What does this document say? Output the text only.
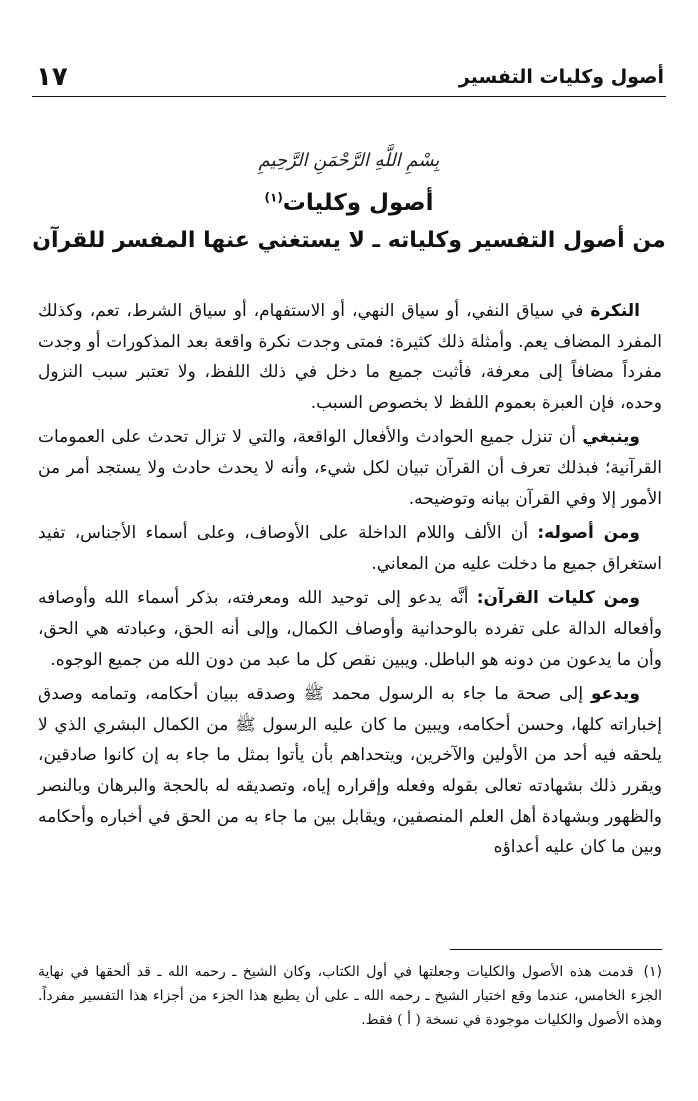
أصول وكليات التفسير
١٧
بِسْمِ اللَّهِ الرَّحْمَنِ الرَّحِيمِ
أصول وكليات$^{(١)}$
من أصول التفسير وكلياته ـ لا يستغني عنها المفسر للقرآن

النكرة في سياق النفي، أو سياق النهي، أو الاستفهام، أو سياق الشرط، تعم، وكذلك المفرد المضاف يعم. وأمثلة ذلك كثيرة: فمتى وجدت نكرة واقعة بعد المذكورات أو وجدت مفرداً مضافاً إلى معرفة، فأثبت جميع ما دخل في ذلك اللفظ، ولا تعتبر سبب النزول وحده، فإن العبرة بعموم اللفظ لا بخصوص السبب.

وينبغي أن تنزل جميع الحوادث والأفعال الواقعة، والتي لا تزال تحدث على العمومات القرآنية؛ فبذلك تعرف أن القرآن تبيان لكل شيء، وأنه لا يحدث حادث ولا يستجد أمر من الأمور إلا وفي القرآن بيانه وتوضيحه.

ومن أصوله: أن الألف واللام الداخلة على الأوصاف، وعلى أسماء الأجناس، تفيد استغراق جميع ما دخلت عليه من المعاني.

ومن كليات القرآن: أنَّه يدعو إلى توحيد الله ومعرفته، بذكر أسماء الله وأوصافه وأفعاله الدالة على تفرده بالوحدانية وأوصاف الكمال، وإلى أنه الحق، وعبادته هي الحق، وأن ما يدعون من دونه هو الباطل. ويبين نقص كل ما عبد من دون الله من جميع الوجوه.

ويدعو إلى صحة ما جاء به الرسول محمد ﷺ وصدقه ببيان أحكامه، وتمامه وصدق إخباراته كلها، وحسن أحكامه، ويبين ما كان عليه الرسول ﷺ من الكمال البشري الذي لا يلحقه فيه أحد من الأولين والآخرين، ويتحداهم بأن يأتوا بمثل ما جاء به إن كانوا صادقين، ويقرر ذلك بشهادته تعالى بقوله وفعله وإقراره إياه، وتصديقه له بالحجة والبرهان وبالنصر والظهور وبشهادة أهل العلم المنصفين، ويقابل بين ما جاء به من الحق في أخباره وأحكامه وبين ما كان عليه أعداؤه

(١)قدمت هذه الأصول والكليات وجعلتها في أول الكتاب، وكان الشيخ ـ رحمه الله ـ قد ألحقها في نهاية الجزء الخامس، عندما وقع اختيار الشيخ ـ رحمه الله ـ على أن يطبع هذا الجزء من أجزاء هذا التفسير مفرداً. وهذه الأصول والكليات موجودة في نسخة ( أ ) فقط.
